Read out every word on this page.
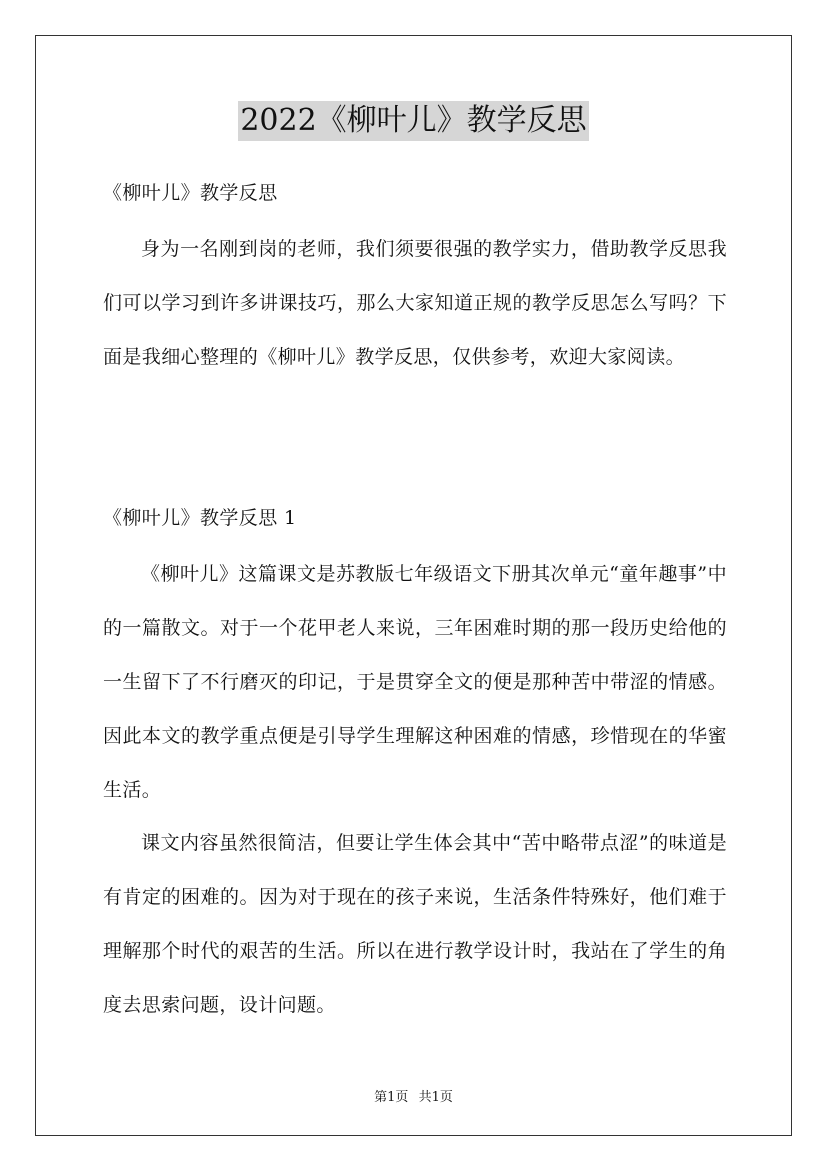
2022《柳叶儿》教学反思
《柳叶儿》教学反思

身为一名刚到岗的老师，我们须要很强的教学实力，借助教学反思我们可以学习到许多讲课技巧，那么大家知道正规的教学反思怎么写吗？下面是我细心整理的《柳叶儿》教学反思，仅供参考，欢迎大家阅读。

《柳叶儿》教学反思 1

《柳叶儿》这篇课文是苏教版七年级语文下册其次单元“童年趣事”中的一篇散文。对于一个花甲老人来说，三年困难时期的那一段历史给他的一生留下了不行磨灭的印记，于是贯穿全文的便是那种苦中带涩的情感。因此本文的教学重点便是引导学生理解这种困难的情感，珍惜现在的华蜜生活。

课文内容虽然很简洁，但要让学生体会其中“苦中略带点涩”的味道是有肯定的困难的。因为对于现在的孩子来说，生活条件特殊好，他们难于理解那个时代的艰苦的生活。所以在进行教学设计时，我站在了学生的角度去思索问题，设计问题。

第1页 共1页
